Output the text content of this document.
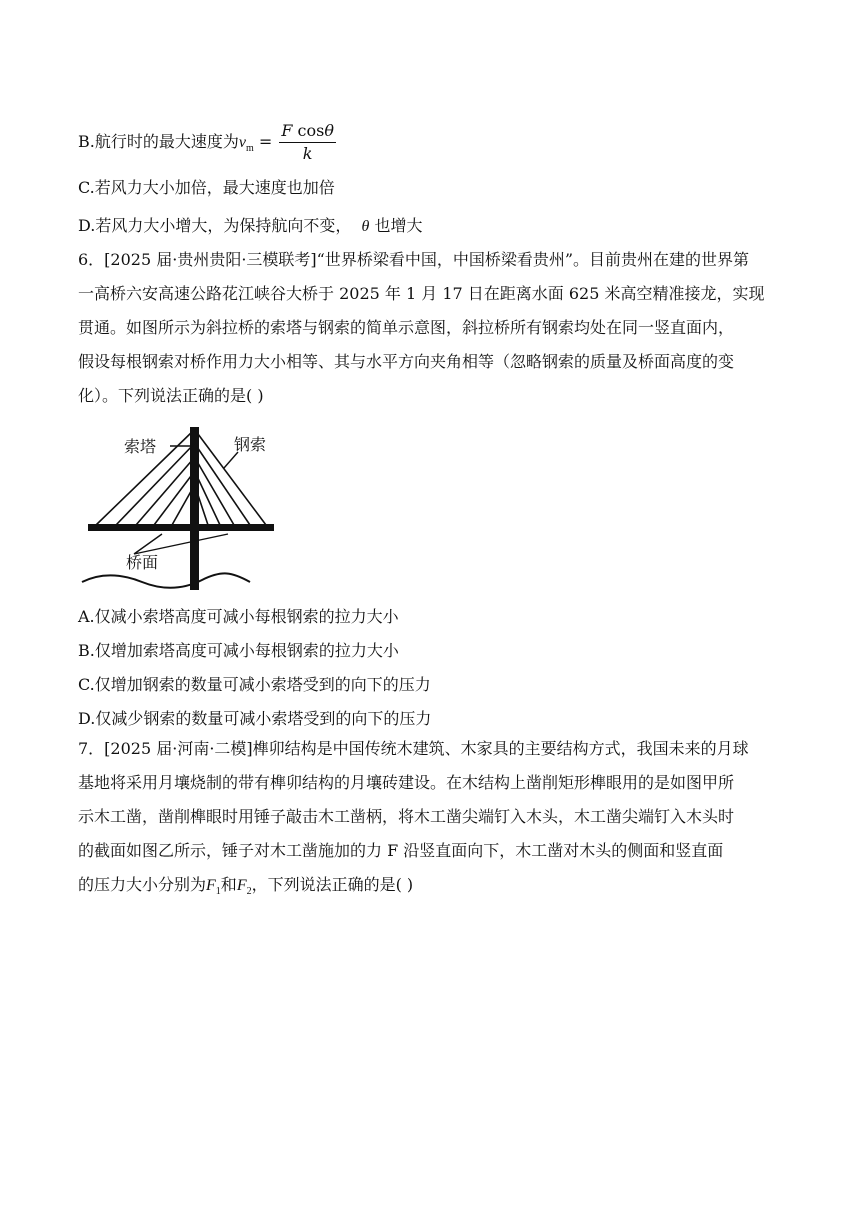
B.航行时的最大速度为$v_m = \frac{\text{F cosθ}}{k}$
C.若风力大小加倍，最大速度也加倍
D.若风力大小增大，为保持航向不变， θ 也增大
6．[2025 届·贵州贵阳·三模联考]“世界桥梁看中国，中国桥梁看贵州”。目前贵州在建的世界第
一高桥六安高速公路花江峡谷大桥于 2025 年 1 月 17 日在距离水面 625 米高空精准接龙，实现
贯通。如图所示为斜拉桥的索塔与钢索的简单示意图，斜拉桥所有钢索均处在同一竖直面内，
假设每根钢索对桥作用力大小相等、其与水平方向夹角相等（忽略钢索的质量及桥面高度的变
化）。下列说法正确的是( )
索塔	钢索
桥面
A.仅减小索塔高度可减小每根钢索的拉力大小
B.仅增加索塔高度可减小每根钢索的拉力大小
C.仅增加钢索的数量可减小索塔受到的向下的压力
D.仅减少钢索的数量可减小索塔受到的向下的压力
7．[2025 届·河南·二模]榫卯结构是中国传统木建筑、木家具的主要结构方式，我国未来的月球
基地将采用月壤烧制的带有榫卯结构的月壤砖建设。在木结构上凿削矩形榫眼用的是如图甲所
示木工凿，凿削榫眼时用锤子敲击木工凿柄，将木工凿尖端钉入木头，木工凿尖端钉入木头时
的截面如图乙所示，锤子对木工凿施加的力 F 沿竖直面向下，木工凿对木头的侧面和竖直面
的压力大小分别为$F_1$和$F_2$，下列说法正确的是( )
